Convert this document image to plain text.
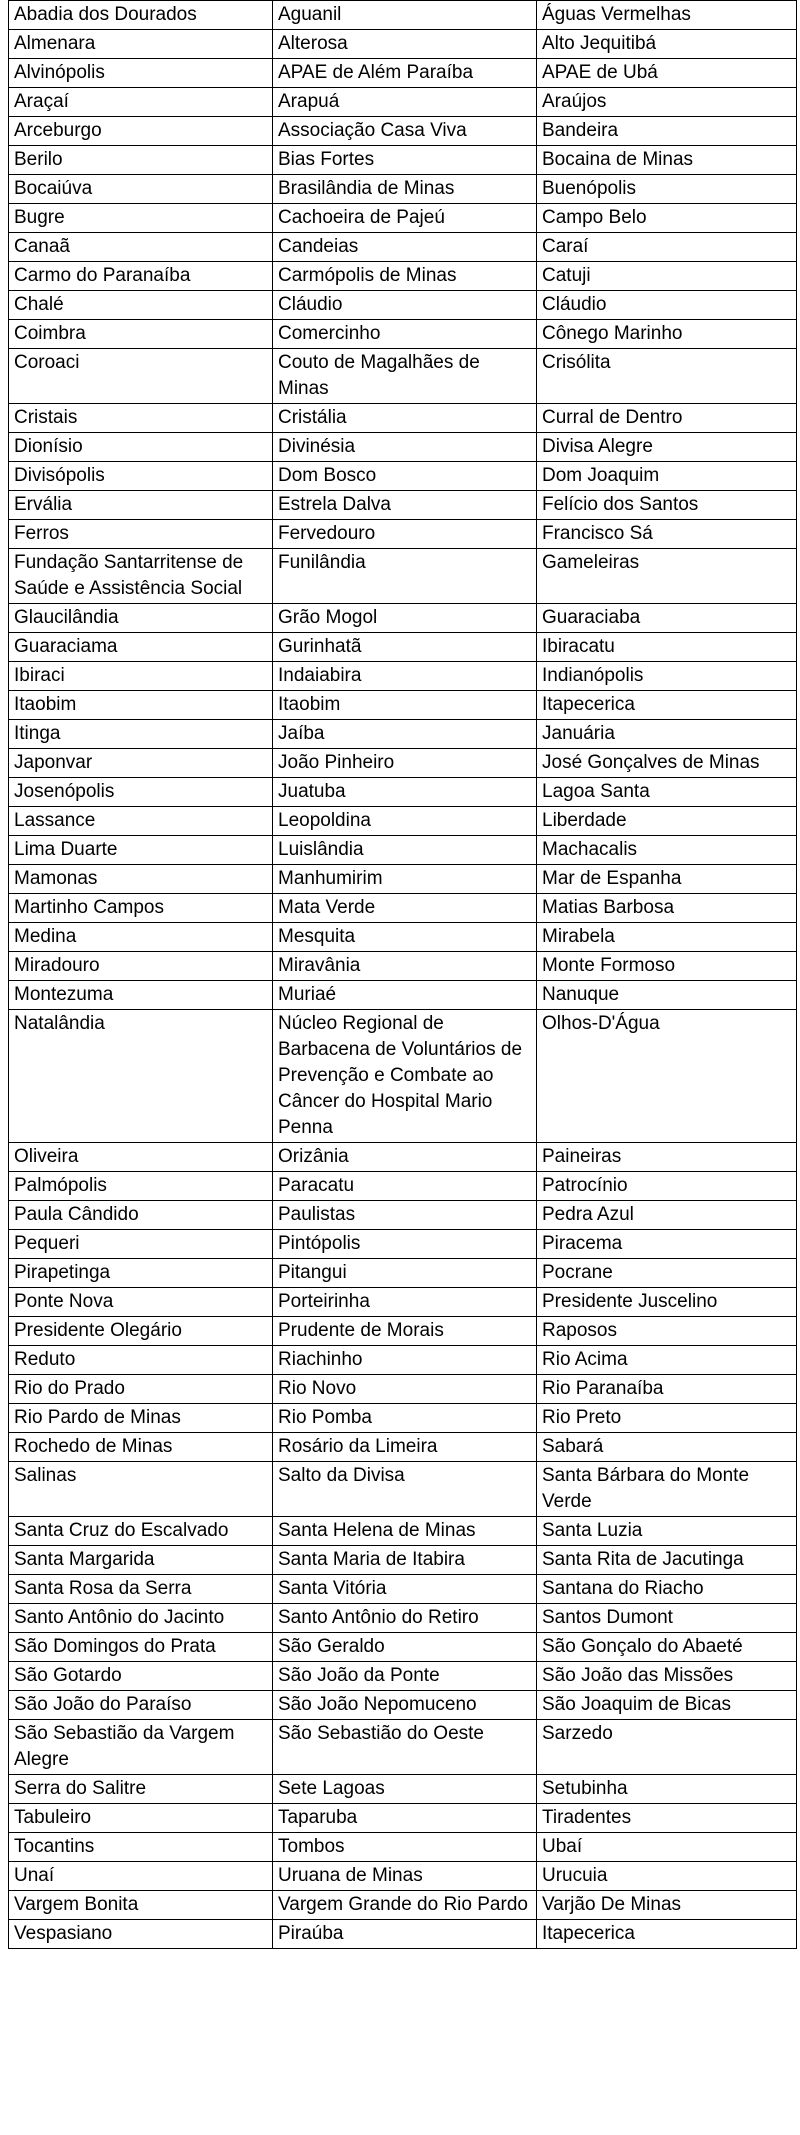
Abadia dos Dourados	Aguanil	Águas Vermelhas
Almenara	Alterosa	Alto Jequitibá
Alvinópolis	APAE de Além Paraíba	APAE de Ubá
Araçaí	Arapuá	Araújos
Arceburgo	Associação Casa Viva	Bandeira
Berilo	Bias Fortes	Bocaina de Minas
Bocaiúva	Brasilândia de Minas	Buenópolis
Bugre	Cachoeira de Pajeú	Campo Belo
Canaã	Candeias	Caraí
Carmo do Paranaíba	Carmópolis de Minas	Catuji
Chalé	Cláudio	Cláudio
Coimbra	Comercinho	Cônego Marinho
Coroaci	Couto de Magalhães de Minas	Crisólita
Cristais	Cristália	Curral de Dentro
Dionísio	Divinésia	Divisa Alegre
Divisópolis	Dom Bosco	Dom Joaquim
Ervália	Estrela Dalva	Felício dos Santos
Ferros	Fervedouro	Francisco Sá
Fundação Santarritense de Saúde e Assistência Social	Funilândia	Gameleiras
Glaucilândia	Grão Mogol	Guaraciaba
Guaraciama	Gurinhatã	Ibiracatu
Ibiraci	Indaiabira	Indianópolis
Itaobim	Itaobim	Itapecerica
Itinga	Jaíba	Januária
Japonvar	João Pinheiro	José Gonçalves de Minas
Josenópolis	Juatuba	Lagoa Santa
Lassance	Leopoldina	Liberdade
Lima Duarte	Luislândia	Machacalis
Mamonas	Manhumirim	Mar de Espanha
Martinho Campos	Mata Verde	Matias Barbosa
Medina	Mesquita	Mirabela
Miradouro	Miravânia	Monte Formoso
Montezuma	Muriaé	Nanuque
Natalândia	Núcleo Regional de Barbacena de Voluntários de Prevenção e Combate ao Câncer do Hospital Mario Penna	Olhos-D'Água
Oliveira	Orizânia	Paineiras
Palmópolis	Paracatu	Patrocínio
Paula Cândido	Paulistas	Pedra Azul
Pequeri	Pintópolis	Piracema
Pirapetinga	Pitangui	Pocrane
Ponte Nova	Porteirinha	Presidente Juscelino
Presidente Olegário	Prudente de Morais	Raposos
Reduto	Riachinho	Rio Acima
Rio do Prado	Rio Novo	Rio Paranaíba
Rio Pardo de Minas	Rio Pomba	Rio Preto
Rochedo de Minas	Rosário da Limeira	Sabará
Salinas	Salto da Divisa	Santa Bárbara do Monte Verde
Santa Cruz do Escalvado	Santa Helena de Minas	Santa Luzia
Santa Margarida	Santa Maria de Itabira	Santa Rita de Jacutinga
Santa Rosa da Serra	Santa Vitória	Santana do Riacho
Santo Antônio do Jacinto	Santo Antônio do Retiro	Santos Dumont
São Domingos do Prata	São Geraldo	São Gonçalo do Abaeté
São Gotardo	São João da Ponte	São João das Missões
São João do Paraíso	São João Nepomuceno	São Joaquim de Bicas
São Sebastião da Vargem Alegre	São Sebastião do Oeste	Sarzedo
Serra do Salitre	Sete Lagoas	Setubinha
Tabuleiro	Taparuba	Tiradentes
Tocantins	Tombos	Ubaí
Unaí	Uruana de Minas	Urucuia
Vargem Bonita	Vargem Grande do Rio Pardo	Varjão De Minas
Vespasiano	Piraúba	Itapecerica
